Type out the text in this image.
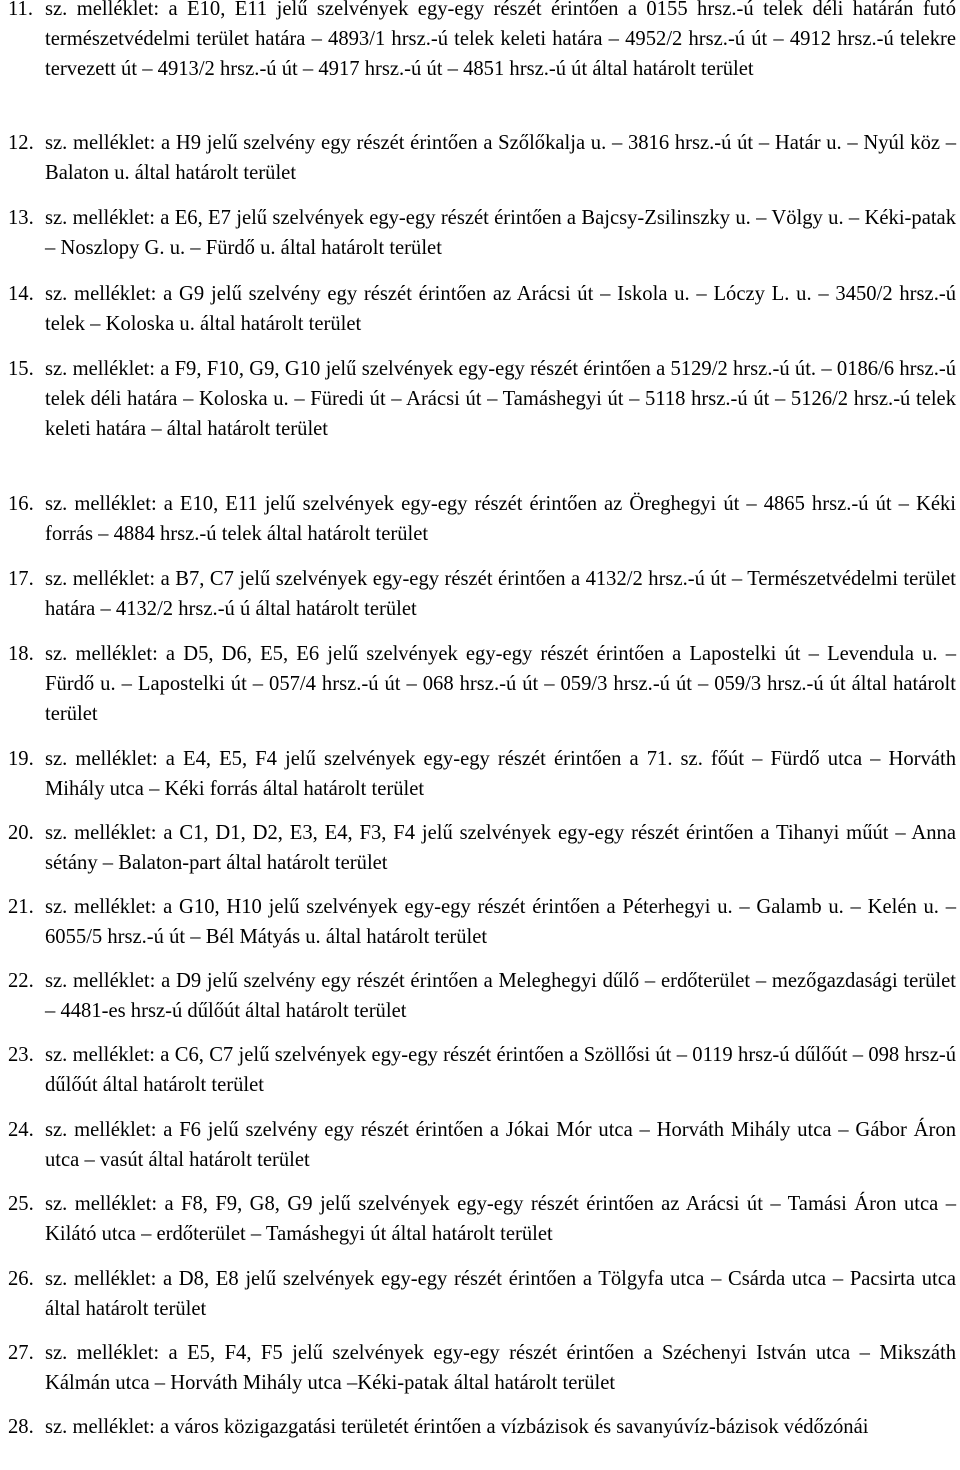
11. sz. melléklet: a E10, E11 jelű szelvények egy-egy részét érintően a 0155 hrsz.-ú telek déli határán futó természetvédelmi terület határa – 4893/1 hrsz.-ú telek keleti határa – 4952/2 hrsz.-ú út – 4912 hrsz.-ú telekre tervezett út – 4913/2 hrsz.-ú út – 4917 hrsz.-ú út – 4851 hrsz.-ú út által határolt terület
12. sz. melléklet: a H9 jelű szelvény egy részét érintően a Szőlőkalja u. – 3816 hrsz.-ú út – Határ u. – Nyúl köz – Balaton u. által határolt terület
13. sz. melléklet: a E6, E7 jelű szelvények egy-egy részét érintően a Bajcsy-Zsilinszky u. – Völgy u. – Kéki-patak – Noszlopy G. u. – Fürdő u. által határolt terület
14. sz. melléklet: a G9 jelű szelvény egy részét érintően az Arácsi út – Iskola u. – Lóczy L. u. – 3450/2 hrsz.-ú telek – Koloska u. által határolt terület
15. sz. melléklet: a F9, F10, G9, G10 jelű szelvények egy-egy részét érintően a 5129/2 hrsz.-ú út. – 0186/6 hrsz.-ú telek déli határa – Koloska u. – Füredi út – Arácsi út – Tamáshegyi út – 5118 hrsz.-ú út – 5126/2 hrsz.-ú telek keleti határa – által határolt terület
16. sz. melléklet: a E10, E11 jelű szelvények egy-egy részét érintően az Öreghegyi út – 4865 hrsz.-ú út – Kéki forrás – 4884 hrsz.-ú telek által határolt terület
17. sz. melléklet: a B7, C7 jelű szelvények egy-egy részét érintően a 4132/2 hrsz.-ú út – Természetvédelmi terület határa – 4132/2 hrsz.-ú ú által határolt terület
18. sz. melléklet: a D5, D6, E5, E6 jelű szelvények egy-egy részét érintően a Lapostelki út – Levendula u. – Fürdő u. – Lapostelki út – 057/4 hrsz.-ú út – 068 hrsz.-ú út – 059/3 hrsz.-ú út – 059/3 hrsz.-ú út által határolt terület
19. sz. melléklet: a E4, E5, F4 jelű szelvények egy-egy részét érintően a 71. sz. főút – Fürdő utca – Horváth Mihály utca – Kéki forrás által határolt terület
20. sz. melléklet: a C1, D1, D2, E3, E4, F3, F4 jelű szelvények egy-egy részét érintően a Tihanyi műút – Anna sétány – Balaton-part által határolt terület
21. sz. melléklet: a G10, H10 jelű szelvények egy-egy részét érintően a Péterhegyi u. – Galamb u. – Kelén u. – 6055/5 hrsz.-ú út – Bél Mátyás u. által határolt terület
22. sz. melléklet: a D9 jelű szelvény egy részét érintően a Meleghegyi dűlő – erdőterület – mezőgazdasági terület – 4481-es hrsz-ú dűlőút által határolt terület
23. sz. melléklet: a C6, C7 jelű szelvények egy-egy részét érintően a Szöllősi út – 0119 hrsz-ú dűlőút – 098 hrsz-ú dűlőút által határolt terület
24. sz. melléklet: a F6 jelű szelvény egy részét érintően a Jókai Mór utca – Horváth Mihály utca – Gábor Áron utca – vasút által határolt terület
25. sz. melléklet: a F8, F9, G8, G9 jelű szelvények egy-egy részét érintően az Arácsi út – Tamási Áron utca – Kilátó utca – erdőterület – Tamáshegyi út által határolt terület
26. sz. melléklet: a D8, E8 jelű szelvények egy-egy részét érintően a Tölgyfa utca – Csárda utca – Pacsirta utca által határolt terület
27. sz. melléklet: a E5, F4, F5 jelű szelvények egy-egy részét érintően a Széchenyi István utca – Mikszáth Kálmán utca – Horváth Mihály utca –Kéki-patak által határolt terület
28. sz. melléklet: a város közigazgatási területét érintően a vízbázisok és savanyúvíz-bázisok védőzónái
